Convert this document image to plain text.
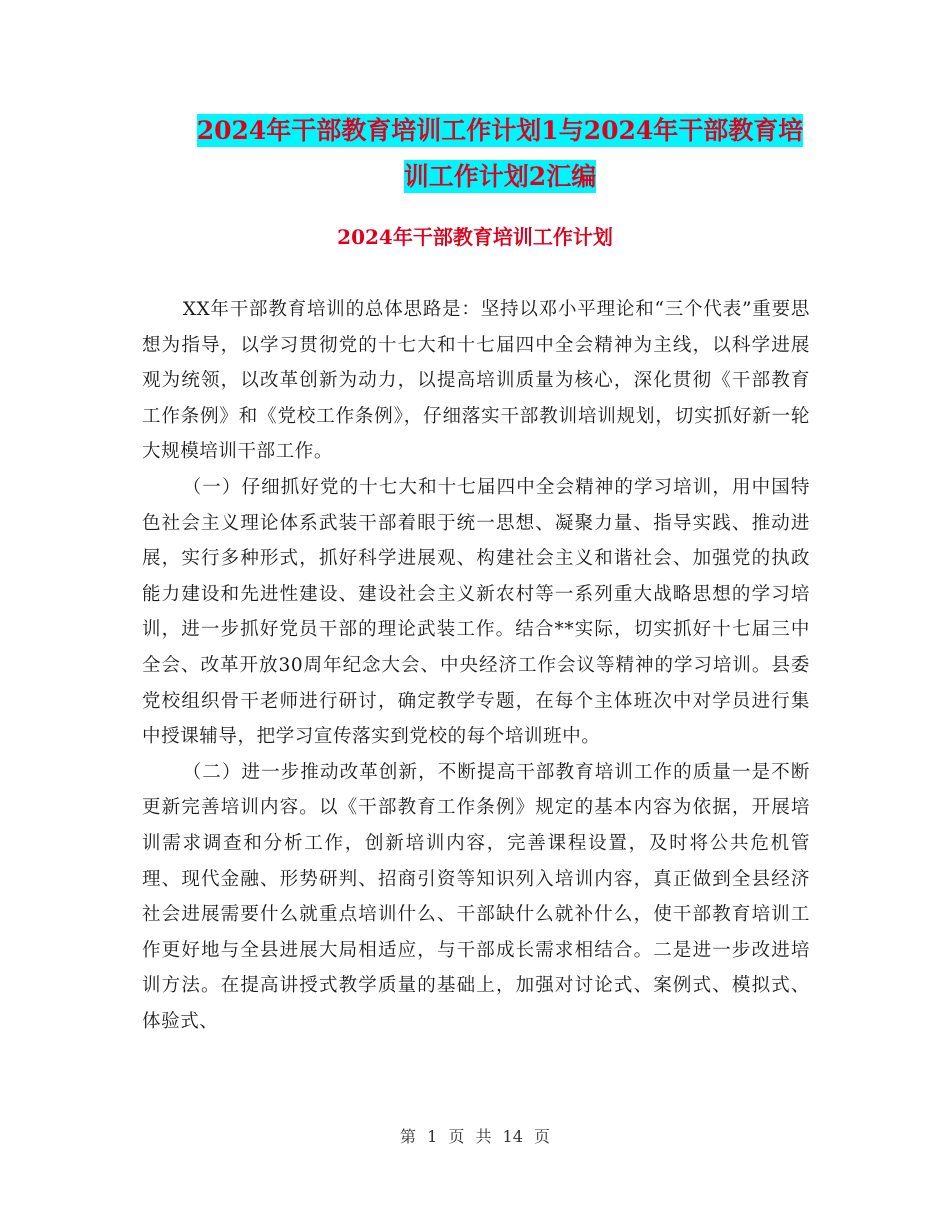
2024年干部教育培训工作计划1与2024年干部教育培
训工作计划2汇编
2024年干部教育培训工作计划

XX年干部教育培训的总体思路是：坚持以邓小平理论和“三个代表”重要思想为指导，以学习贯彻党的十七大和十七届四中全会精神为主线，以科学进展观为统领，以改革创新为动力，以提高培训质量为核心，深化贯彻《干部教育工作条例》和《党校工作条例》，仔细落实干部教训培训规划，切实抓好新一轮大规模培训干部工作。

（一）仔细抓好党的十七大和十七届四中全会精神的学习培训，用中国特色社会主义理论体系武装干部着眼于统一思想、凝聚力量、指导实践、推动进展，实行多种形式，抓好科学进展观、构建社会主义和谐社会、加强党的执政能力建设和先进性建设、建设社会主义新农村等一系列重大战略思想的学习培训，进一步抓好党员干部的理论武装工作。结合**实际，切实抓好十七届三中全会、改革开放30周年纪念大会、中央经济工作会议等精神的学习培训。县委党校组织骨干老师进行研讨，确定教学专题，在每个主体班次中对学员进行集中授课辅导，把学习宣传落实到党校的每个培训班中。

（二）进一步推动改革创新，不断提高干部教育培训工作的质量一是不断更新完善培训内容。以《干部教育工作条例》规定的基本内容为依据，开展培训需求调查和分析工作，创新培训内容，完善课程设置，及时将公共危机管理、现代金融、形势研判、招商引资等知识列入培训内容，真正做到全县经济社会进展需要什么就重点培训什么、干部缺什么就补什么，使干部教育培训工作更好地与全县进展大局相适应，与干部成长需求相结合。二是进一步改进培训方法。在提高讲授式教学质量的基础上，加强对讨论式、案例式、模拟式、体验式、

第 1 页 共 14 页
